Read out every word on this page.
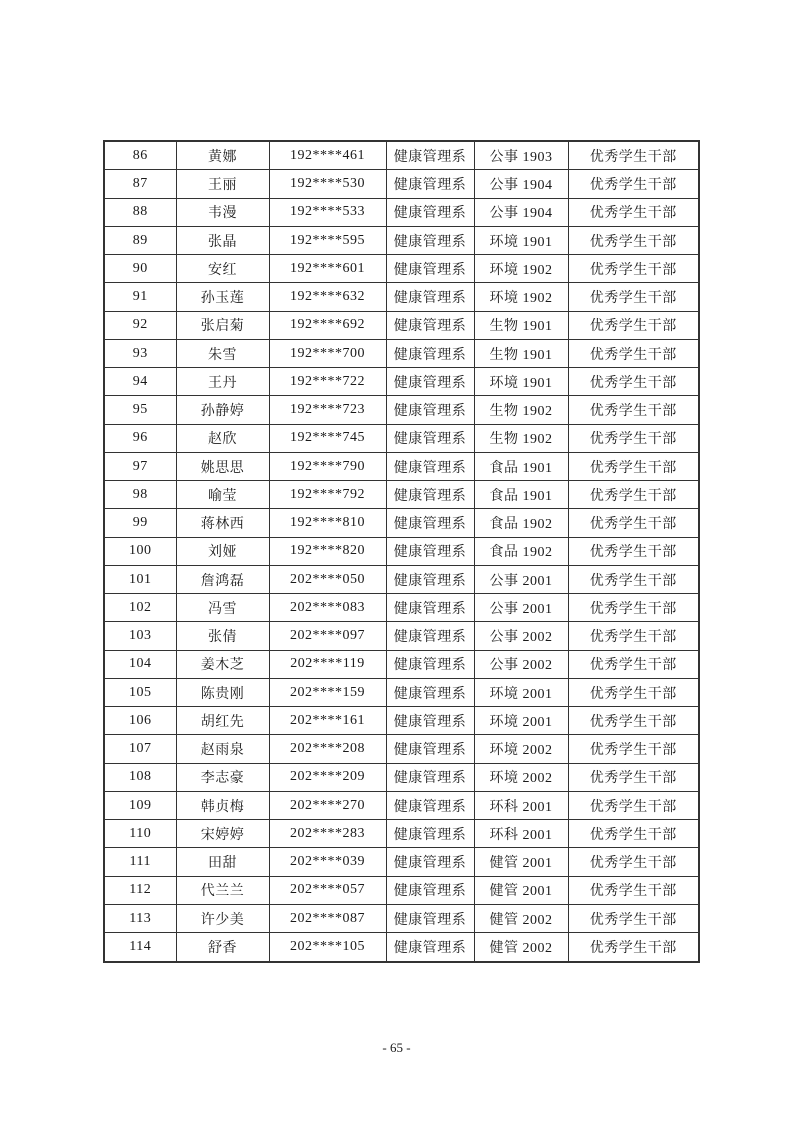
86	黄娜	192****461	健康管理系	公事 1903	优秀学生干部
87	王丽	192****530	健康管理系	公事 1904	优秀学生干部
88	韦漫	192****533	健康管理系	公事 1904	优秀学生干部
89	张晶	192****595	健康管理系	环境 1901	优秀学生干部
90	安红	192****601	健康管理系	环境 1902	优秀学生干部
91	孙玉莲	192****632	健康管理系	环境 1902	优秀学生干部
92	张启菊	192****692	健康管理系	生物 1901	优秀学生干部
93	朱雪	192****700	健康管理系	生物 1901	优秀学生干部
94	王丹	192****722	健康管理系	环境 1901	优秀学生干部
95	孙静婷	192****723	健康管理系	生物 1902	优秀学生干部
96	赵欣	192****745	健康管理系	生物 1902	优秀学生干部
97	姚思思	192****790	健康管理系	食品 1901	优秀学生干部
98	喻莹	192****792	健康管理系	食品 1901	优秀学生干部
99	蒋林西	192****810	健康管理系	食品 1902	优秀学生干部
100	刘娅	192****820	健康管理系	食品 1902	优秀学生干部
101	詹鸿磊	202****050	健康管理系	公事 2001	优秀学生干部
102	冯雪	202****083	健康管理系	公事 2001	优秀学生干部
103	张倩	202****097	健康管理系	公事 2002	优秀学生干部
104	姜木芝	202****119	健康管理系	公事 2002	优秀学生干部
105	陈贵刚	202****159	健康管理系	环境 2001	优秀学生干部
106	胡红先	202****161	健康管理系	环境 2001	优秀学生干部
107	赵雨泉	202****208	健康管理系	环境 2002	优秀学生干部
108	李志豪	202****209	健康管理系	环境 2002	优秀学生干部
109	韩贞梅	202****270	健康管理系	环科 2001	优秀学生干部
110	宋婷婷	202****283	健康管理系	环科 2001	优秀学生干部
111	田甜	202****039	健康管理系	健管 2001	优秀学生干部
112	代兰兰	202****057	健康管理系	健管 2001	优秀学生干部
113	许少美	202****087	健康管理系	健管 2002	优秀学生干部
114	舒香	202****105	健康管理系	健管 2002	优秀学生干部
- 65 -
